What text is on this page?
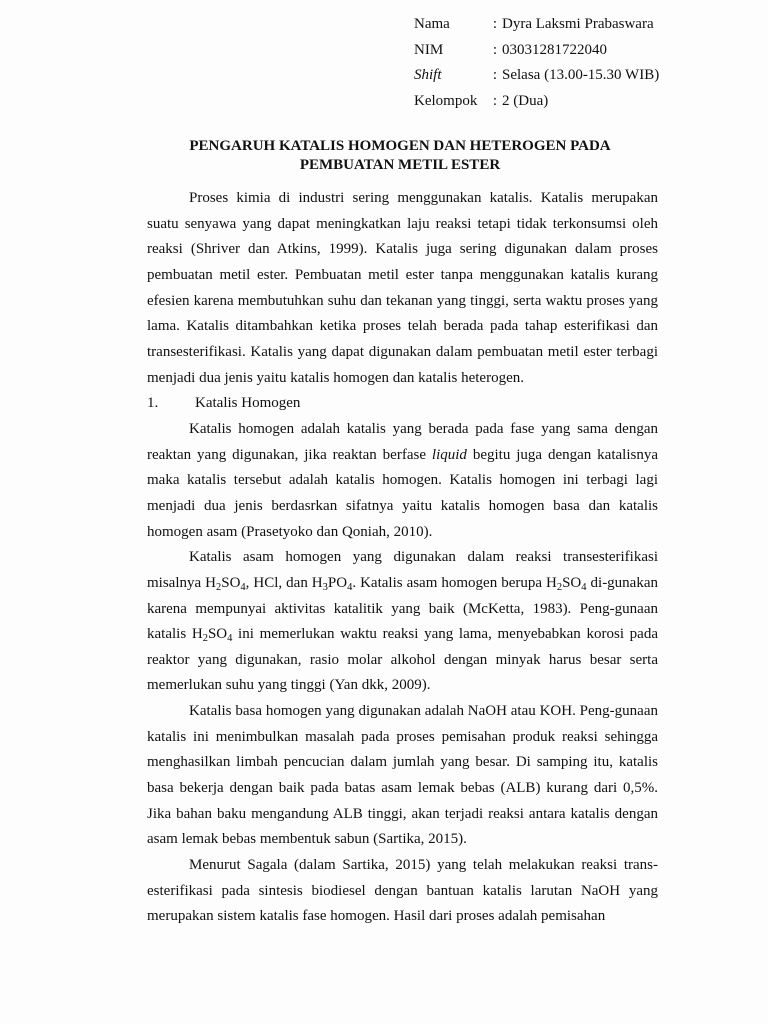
Nama	: Dyra Laksmi Prabaswara
NIM	: 03031281722040
Shift	: Selasa (13.00-15.30 WIB)
Kelompok	: 2 (Dua)
PENGARUH KATALIS HOMOGEN DAN HETEROGEN PADA
PEMBUATAN METIL ESTER

Proses kimia di industri sering menggunakan katalis. Katalis merupakan suatu senyawa yang dapat meningkatkan laju reaksi tetapi tidak terkonsumsi oleh reaksi (Shriver dan Atkins, 1999). Katalis juga sering digunakan dalam proses pembuatan metil ester. Pembuatan metil ester tanpa menggunakan katalis kurang efesien karena membutuhkan suhu dan tekanan yang tinggi, serta waktu proses yang lama. Katalis ditambahkan ketika proses telah berada pada tahap esterifikasi dan transesterifikasi. Katalis yang dapat digunakan dalam pembuatan metil ester terbagi menjadi dua jenis yaitu katalis homogen dan katalis heterogen.

1.	Katalis Homogen

Katalis homogen adalah katalis yang berada pada fase yang sama dengan reaktan yang digunakan, jika reaktan berfase liquid begitu juga dengan katalisnya maka katalis tersebut adalah katalis homogen. Katalis homogen ini terbagi lagi menjadi dua jenis berdasrkan sifatnya yaitu katalis homogen basa dan katalis homogen asam (Prasetyoko dan Qoniah, 2010).

Katalis asam homogen yang digunakan dalam reaksi transesterifikasi misalnya $H_2SO_4$, HCl, dan $H_3PO_4$. Katalis asam homogen berupa $H_2SO_4$ di-gunakan karena mempunyai aktivitas katalitik yang baik (McKetta, 1983). Peng-gunaan katalis $H_2SO_4$ ini memerlukan waktu reaksi yang lama, menyebabkan korosi pada reaktor yang digunakan, rasio molar alkohol dengan minyak harus besar serta memerlukan suhu yang tinggi (Yan dkk, 2009).

Katalis basa homogen yang digunakan adalah NaOH atau KOH. Peng-gunaan katalis ini menimbulkan masalah pada proses pemisahan produk reaksi sehingga menghasilkan limbah pencucian dalam jumlah yang besar. Di samping itu, katalis basa bekerja dengan baik pada batas asam lemak bebas (ALB) kurang dari 0,5%. Jika bahan baku mengandung ALB tinggi, akan terjadi reaksi antara katalis dengan asam lemak bebas membentuk sabun (Sartika, 2015).

Menurut Sagala (dalam Sartika, 2015) yang telah melakukan reaksi trans-esterifikasi pada sintesis biodiesel dengan bantuan katalis larutan NaOH yang merupakan sistem katalis fase homogen. Hasil dari proses adalah pemisahan
